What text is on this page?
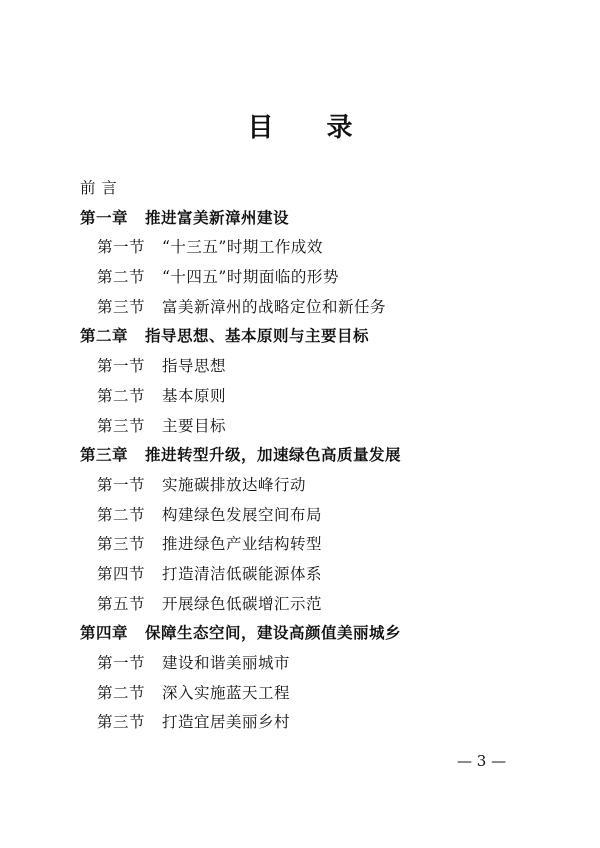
目 录
前 言
第一章 推进富美新漳州建设
第一节 “十三五”时期工作成效
第二节 “十四五”时期面临的形势
第三节 富美新漳州的战略定位和新任务
第二章 指导思想、基本原则与主要目标
第一节 指导思想
第二节 基本原则
第三节 主要目标
第三章 推进转型升级，加速绿色高质量发展
第一节 实施碳排放达峰行动
第二节 构建绿色发展空间布局
第三节 推进绿色产业结构转型
第四节 打造清洁低碳能源体系
第五节 开展绿色低碳增汇示范
第四章 保障生态空间，建设高颜值美丽城乡
第一节 建设和谐美丽城市
第二节 深入实施蓝天工程
第三节 打造宜居美丽乡村
— 3 —
